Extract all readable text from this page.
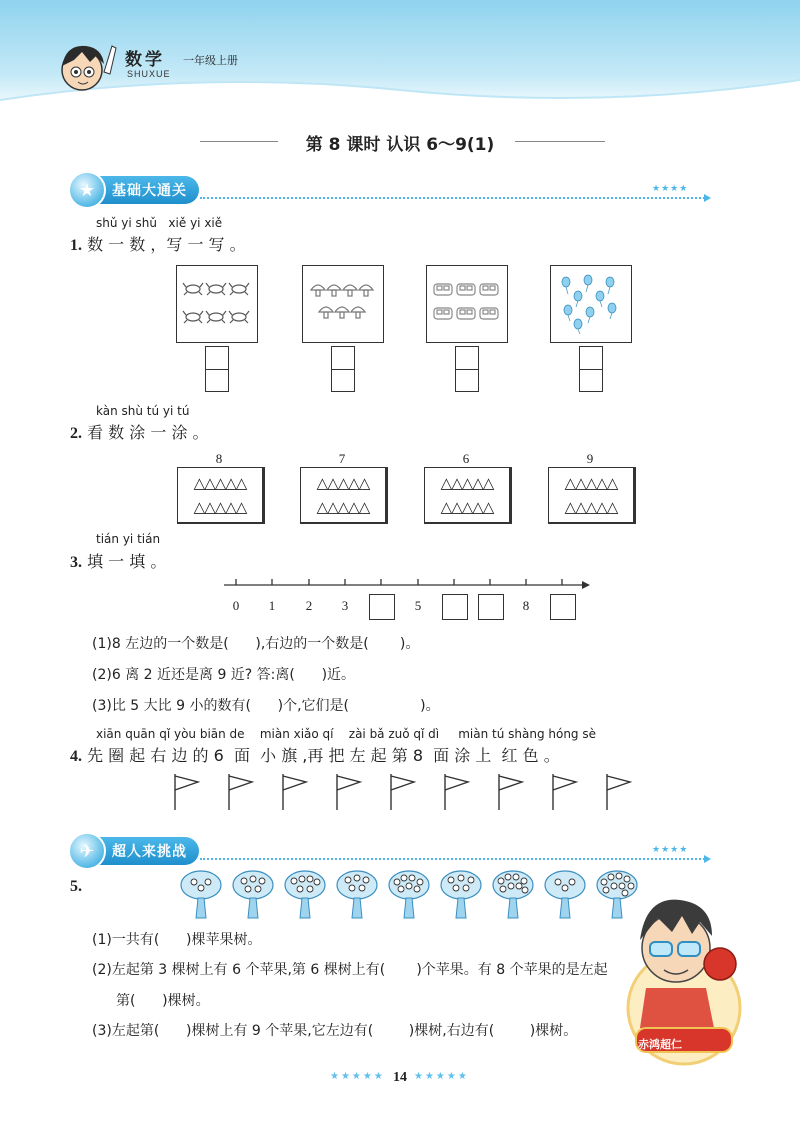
数学
SHUXUE
一年级上册
第 8 课时 认识 6～9(1)
★	基础大通关	★★★★
shǔ yi shǔ   xiě yi xiě
1. 数 一 数 ，写 一 写 。
kàn shù tú yi tú
2. 看 数 涂 一 涂 。
8
△△△△△
△△△△△
7
△△△△△
△△△△△
6
△△△△△
△△△△△
9
△△△△△
△△△△△
tián yi tián
3. 填 一 填 。
0	1	2	3	5	8
(1)8 左边的一个数是(      ),右边的一个数是(       )。
(2)6 离 2 近还是离 9 近? 答:离(      )近。
(3)比 5 大比 9 小的数有(      )个,它们是(                )。
xiān quān qǐ yòu biān de    miàn xiǎo qí    zài bǎ zuǒ qǐ dì     miàn tú shàng hóng sè
4. 先 圈 起 右 边 的 6  面  小 旗 ,再 把 左 起 第 8  面 涂 上  红 色 。
✈	超人来挑战	★★★★
5.
赤鸿超仁
(1)一共有(      )棵苹果树。
(2)左起第 3 棵树上有 6 个苹果,第 6 棵树上有(       )个苹果。有 8 个苹果的是左起
第(      )棵树。
(3)左起第(      )棵树上有 9 个苹果,它左边有(        )棵树,右边有(        )棵树。
★★★★★ 14 ★★★★★
